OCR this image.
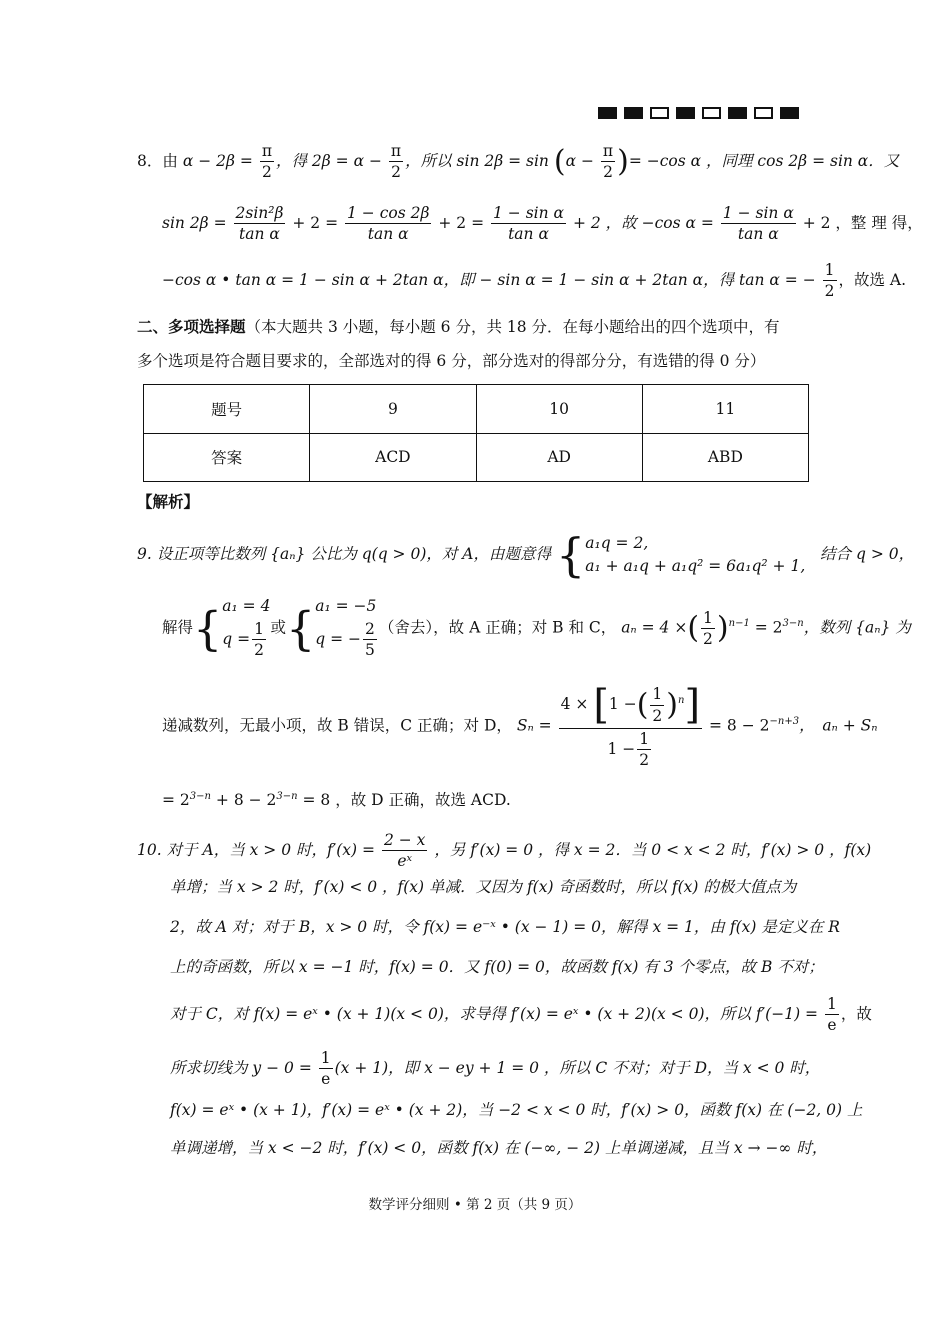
8．由 $\alpha - 2\beta = \frac{\pi}{2}$ ，得 $2\beta = \alpha - \frac{\pi}{2}$ ，所以 $\sin 2\beta = \sin (\alpha - \frac{\pi}{2}$ )= −cos α ，同理 cos 2β = sin α．又
$\sin 2\beta = \frac{\text{2sin²β}}{\text{tan α}} + 2 = \frac{1 - \cos 2\beta}{\text{tan α}} + 2 = \frac{\text{1 − sin α}}{\text{tan α}} + 2$ ，故 −cos $\alpha = \frac{\text{1 − sin α}}{\text{tan α}} + 2$ ，整 理 得，
−cos α • tan α = 1 − sin α + 2tan α，即 − sin α = 1 − sin α + 2tan α，得 tan α = − $\frac{1}{2}$ ，故选 A.
二、多项选择题（本大题共 3 小题，每小题 6 分，共 18 分．在每小题给出的四个选项中，有
多个选项是符合题目要求的，全部选对的得 6 分，部分选对的得部分分，有选错的得 0 分）
题号	9	10	11
答案	ACD	AD	ABD
【解析】
9. 设正项等比数列 {aₙ} 公比为 q(q > 0)，对 A，由题意得 { a₁q = 2,
a₁ + a₁q + a₁q² = 6a₁q² + 1,
结合 q > 0，
解得{ a₁ = 4
$q = \frac{1}{2}$ 或{ a₁ = −5
q = − $\frac{2}{5}$ （舍去），故 A 正确；对 B 和 C， aₙ = 4 ×( $\frac{1}{2} )^{n-1} = 2^{3-n}$，数列 {aₙ} 为
递减数列，无最小项，故 B 错误，C 正确；对 D， $S_n = \frac{4 \times [1 -( \frac{1}{2} )^n]}{1 - \frac{1}{2}} = 8 - 2^{-n+3}$，　aₙ + Sₙ
= $2^{3-n} + 8 - 2^{3-n} = 8$ ，故 D 正确，故选 ACD.
10. 对于 A，当 x > 0 时，$f'(x) = \frac{2 - x}{\text{eˣ}}$ ，另 f′(x) = 0 ，得 x = 2．当 0 < x < 2 时，f′(x) > 0 ，f(x)
单增；当 x > 2 时，f′(x) < 0 ，f(x) 单减．又因为 f(x) 奇函数时，所以 f(x) 的极大值点为
2，故 A 对；对于 B，x > 0 时，令 f(x) = e⁻ˣ • (x − 1) = 0，解得 x = 1，由 f(x) 是定义在 R
上的奇函数，所以 x = −1 时，f(x) = 0．又 f(0) = 0，故函数 f(x) 有 3 个零点，故 B 不对；
对于 C，对 f(x) = eˣ • (x + 1)(x < 0)，求导得 f′(x) = eˣ • (x + 2)(x < 0)，所以 $f'(-1) = \frac{1}{e}$ ，故
所求切线为 $y - 0 = \frac{1}{e} (x + 1)$，即 x − ey + 1 = 0 ，所以 C 不对；对于 D，当 x < 0 时，
f(x) = eˣ • (x + 1)，f′(x) = eˣ • (x + 2)，当 −2 < x < 0 时，f′(x) > 0，函数 f(x) 在 (−2, 0) 上
单调递增，当 x < −2 时，f′(x) < 0，函数 f(x) 在 (−∞, − 2) 上单调递减，且当 x → −∞ 时，
数学评分细则 • 第 2 页（共 9 页）
